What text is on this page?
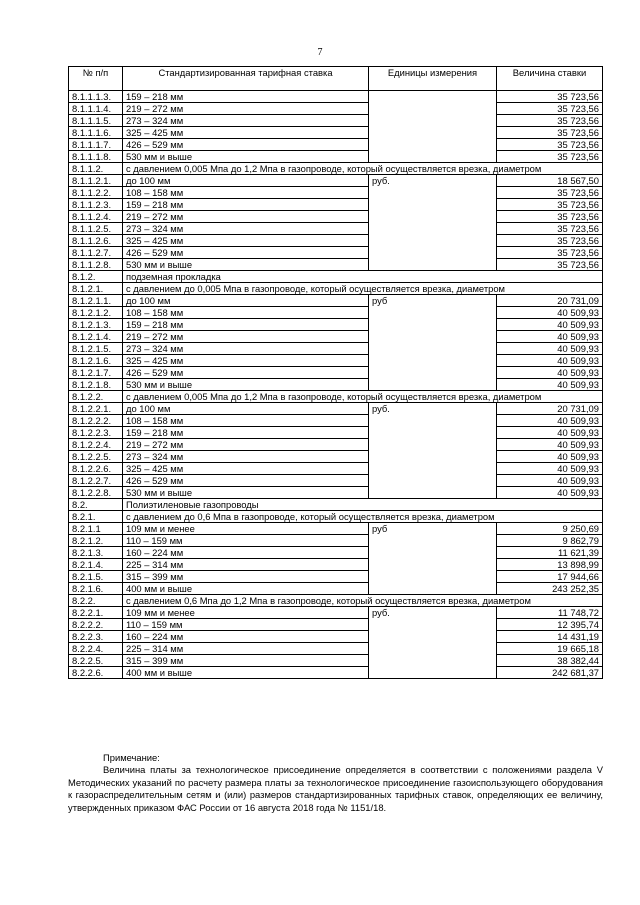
7
№ п/п	Стандартизированная тарифная ставка	Единицы измерения	Величина ставки
8.1.1.1.3.	159 – 218 мм		35 723,56
8.1.1.1.4.	219 – 272 мм		35 723,56
8.1.1.1.5.	273 – 324 мм		35 723,56
8.1.1.1.6.	325 – 425 мм		35 723,56
8.1.1.1.7.	426 – 529 мм		35 723,56
8.1.1.1.8.	530 мм и выше		35 723,56
8.1.1.2.	с давлением 0,005 Мпа до 1,2 Мпа в газопроводе, который осуществляется врезка, диаметром		
8.1.1.2.1.	до 100 мм	руб.	18 567,50
8.1.1.2.2.	108 – 158 мм		35 723,56
8.1.1.2.3.	159 – 218 мм		35 723,56
8.1.1.2.4.	219 – 272 мм		35 723,56
8.1.1.2.5.	273 – 324 мм		35 723,56
8.1.1.2.6.	325 – 425 мм		35 723,56
8.1.1.2.7.	426 – 529 мм		35 723,56
8.1.1.2.8.	530 мм и выше		35 723,56
8.1.2.	подземная прокладка		
8.1.2.1.	с давлением до 0,005 Мпа в газопроводе, который осуществляется врезка, диаметром		
8.1.2.1.1.	до 100 мм	руб	20 731,09
8.1.2.1.2.	108 – 158 мм		40 509,93
8.1.2.1.3.	159 – 218 мм		40 509,93
8.1.2.1.4.	219 – 272 мм		40 509,93
8.1.2.1.5.	273 – 324 мм		40 509,93
8.1.2.1.6.	325 – 425 мм		40 509,93
8.1.2.1.7.	426 – 529 мм		40 509,93
8.1.2.1.8.	530 мм и выше		40 509,93
8.1.2.2.	с давлением 0,005 Мпа до 1,2 Мпа в газопроводе, который осуществляется врезка, диаметром		
8.1.2.2.1.	до 100 мм	руб.	20 731,09
8.1.2.2.2.	108 – 158 мм		40 509,93
8.1.2.2.3.	159 – 218 мм		40 509,93
8.1.2.2.4.	219 – 272 мм		40 509,93
8.1.2.2.5.	273 – 324 мм		40 509,93
8.1.2.2.6.	325 – 425 мм		40 509,93
8.1.2.2.7.	426 – 529 мм		40 509,93
8.1.2.2.8.	530 мм и выше		40 509,93
8.2.	Полиэтиленовые газопроводы		
8.2.1.	с давлением до 0,6 Мпа в газопроводе, который осуществляется врезка, диаметром		
8.2.1.1	109 мм и менее	руб	9 250,69
8.2.1.2.	110 – 159 мм		9 862,79
8.2.1.3.	160 – 224 мм		11 621,39
8.2.1.4.	225 – 314 мм		13 898,99
8.2.1.5.	315 – 399 мм		17 944,66
8.2.1.6.	400 мм и выше		243 252,35
8.2.2.	с давлением 0,6 Мпа до 1,2 Мпа в газопроводе, который осуществляется врезка, диаметром		
8.2.2.1.	109 мм и менее	руб.	11 748,72
8.2.2.2.	110 – 159 мм		12 395,74
8.2.2.3.	160 – 224 мм		14 431,19
8.2.2.4.	225 – 314 мм		19 665,18
8.2.2.5.	315 – 399 мм		38 382,44
8.2.2.6.	400 мм и выше		242 681,37
Примечание:
Величина платы за технологическое присоединение определяется в соответствии с положениями раздела V Методических указаний по расчету размера платы за технологическое присоединение газоиспользующего оборудования к газораспределительным сетям и (или) размеров стандартизированных тарифных ставок, определяющих ее величину, утвержденных приказом ФАС России от 16 августа 2018 года № 1151/18.
